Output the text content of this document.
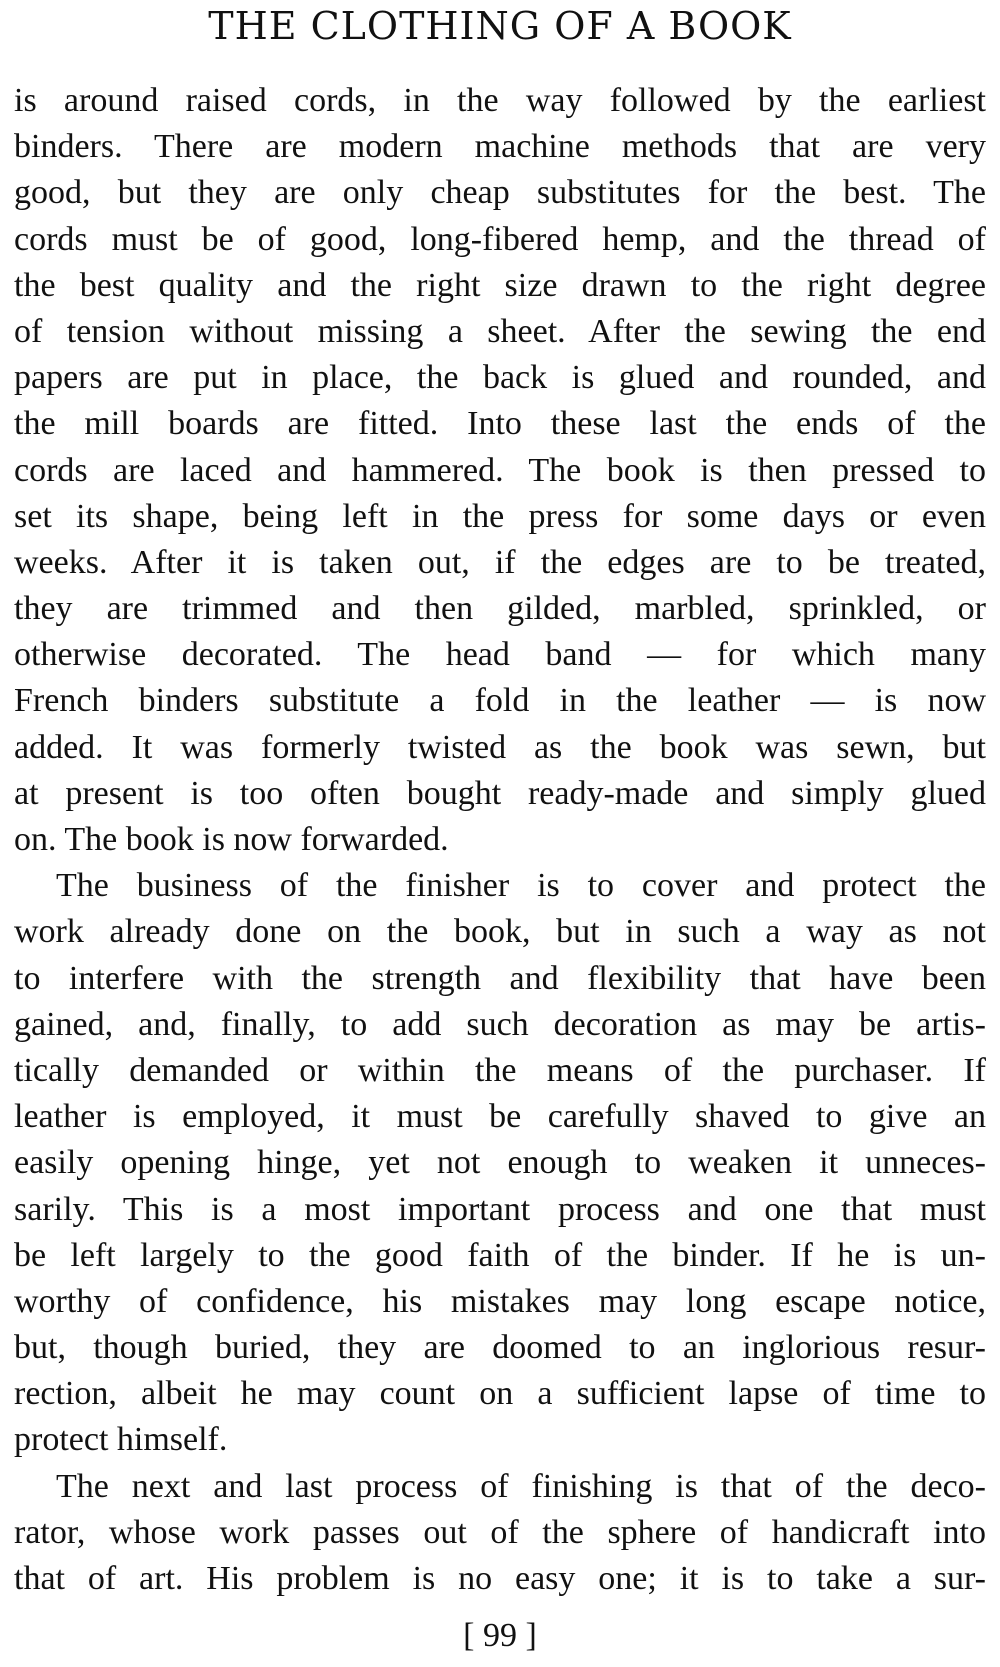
THE CLOTHING OF A BOOK
is around raised cords, in the way followed by the earliest
binders. There are modern machine methods that are very
good, but they are only cheap substitutes for the best. The
cords must be of good, long-fibered hemp, and the thread of
the best quality and the right size drawn to the right degree
of tension without missing a sheet. After the sewing the end
papers are put in place, the back is glued and rounded, and
the mill boards are fitted. Into these last the ends of the
cords are laced and hammered. The book is then pressed to
set its shape, being left in the press for some days or even
weeks. After it is taken out, if the edges are to be treated,
they are trimmed and then gilded, marbled, sprinkled, or
otherwise decorated. The head band — for which many
French binders substitute a fold in the leather — is now
added. It was formerly twisted as the book was sewn, but
at present is too often bought ready-made and simply glued
on. The book is now forwarded.
The business of the finisher is to cover and protect the
work already done on the book, but in such a way as not
to interfere with the strength and flexibility that have been
gained, and, finally, to add such decoration as may be artis-
tically demanded or within the means of the purchaser. If
leather is employed, it must be carefully shaved to give an
easily opening hinge, yet not enough to weaken it unneces-
sarily. This is a most important process and one that must
be left largely to the good faith of the binder. If he is un-
worthy of confidence, his mistakes may long escape notice,
but, though buried, they are doomed to an inglorious resur-
rection, albeit he may count on a sufficient lapse of time to
protect himself.
The next and last process of finishing is that of the deco-
rator, whose work passes out of the sphere of handicraft into
that of art. His problem is no easy one; it is to take a sur-
[ 99 ]
